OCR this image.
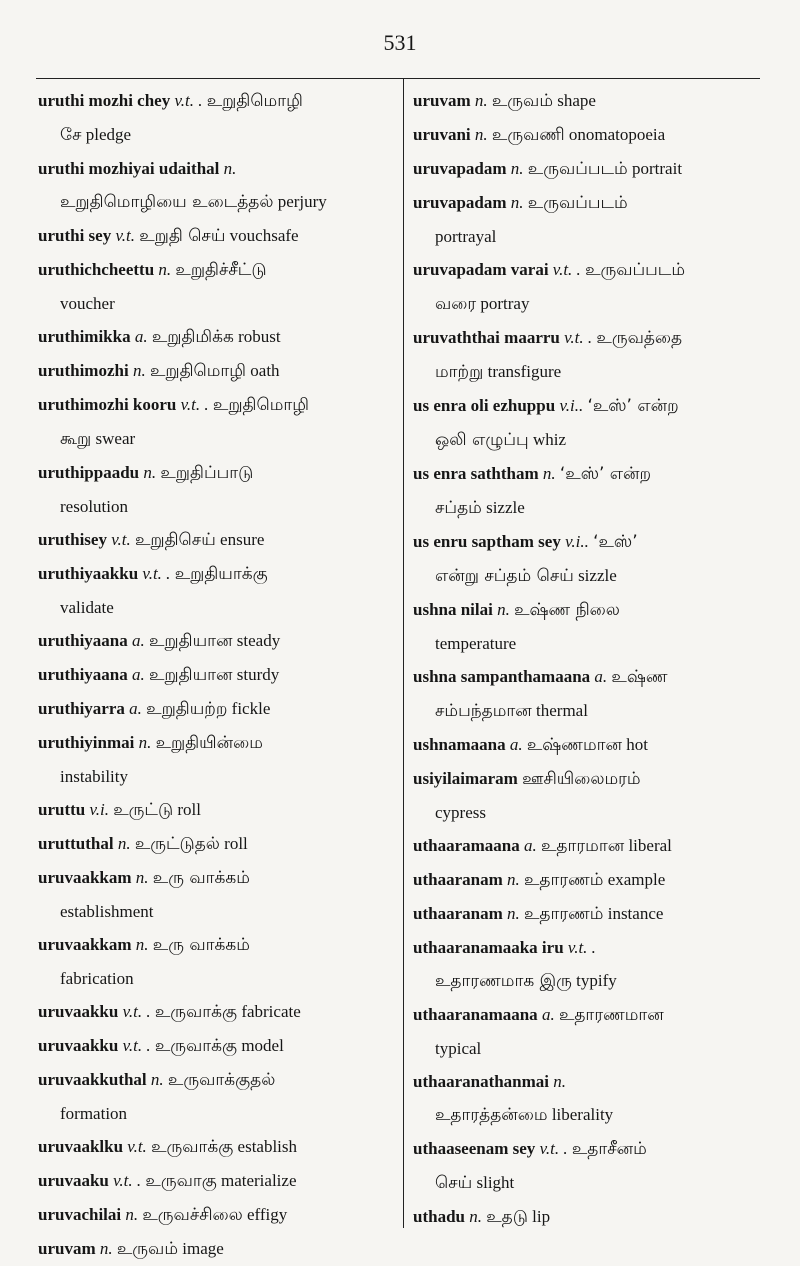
531
uruthi mozhi chey v.t. . உறுதிமொழி
சே pledge
uruthi mozhiyai udaithal n.
உறுதிமொழியை உடைத்தல் perjury
uruthi sey v.t. உறுதி செய் vouchsafe
uruthichcheettu n. உறுதிச்சீட்டு
voucher
uruthimikka a. உறுதிமிக்க robust
uruthimozhi n. உறுதிமொழி oath
uruthimozhi kooru v.t. . உறுதிமொழி
கூறு swear
uruthippaadu n. உறுதிப்பாடு
resolution
uruthisey v.t. உறுதிசெய் ensure
uruthiyaakku v.t. . உறுதியாக்கு
validate
uruthiyaana a. உறுதியான steady
uruthiyaana a. உறுதியான sturdy
uruthiyarra a. உறுதியற்ற fickle
uruthiyinmai n. உறுதியின்மை
instability
uruttu v.i. உருட்டு roll
uruttuthal n. உருட்டுதல் roll
uruvaakkam n. உரு வாக்கம்
establishment
uruvaakkam n. உரு வாக்கம்
fabrication
uruvaakku v.t. . உருவாக்கு fabricate
uruvaakku v.t. . உருவாக்கு model
uruvaakkuthal n. உருவாக்குதல்
formation
uruvaaklku v.t. உருவாக்கு establish
uruvaaku v.t. . உருவாகு materialize
uruvachilai n. உருவச்சிலை effigy
uruvam n. உருவம் image
uruvam n. உருவம் shape
uruvani n. உருவணி onomatopoeia
uruvapadam n. உருவப்படம் portrait
uruvapadam n. உருவப்படம்
portrayal
uruvapadam varai v.t. . உருவப்படம்
வரை portray
uruvaththai maarru v.t. . உருவத்தை
மாற்று transfigure
us enra oli ezhuppu v.i.. ‘உஸ்’ என்ற
ஒலி எழுப்பு whiz
us enra saththam n. ‘உஸ்’ என்ற
சப்தம் sizzle
us enru saptham sey v.i.. ‘உஸ்’
என்று சப்தம் செய் sizzle
ushna nilai n. உஷ்ண நிலை
temperature
ushna sampanthamaana a. உஷ்ண
சம்பந்தமான thermal
ushnamaana a. உஷ்ணமான hot
usiyilaimaram ஊசியிலைமரம்
cypress
uthaaramaana a. உதாரமான liberal
uthaaranam n. உதாரணம் example
uthaaranam n. உதாரணம் instance
uthaaranamaaka iru v.t. .
உதாரணமாக இரு typify
uthaaranamaana a. உதாரணமான
typical
uthaaranathanmai n.
உதாரத்தன்மை liberality
uthaaseenam sey v.t. . உதாசீனம்
செய் slight
uthadu n. உதடு lip
